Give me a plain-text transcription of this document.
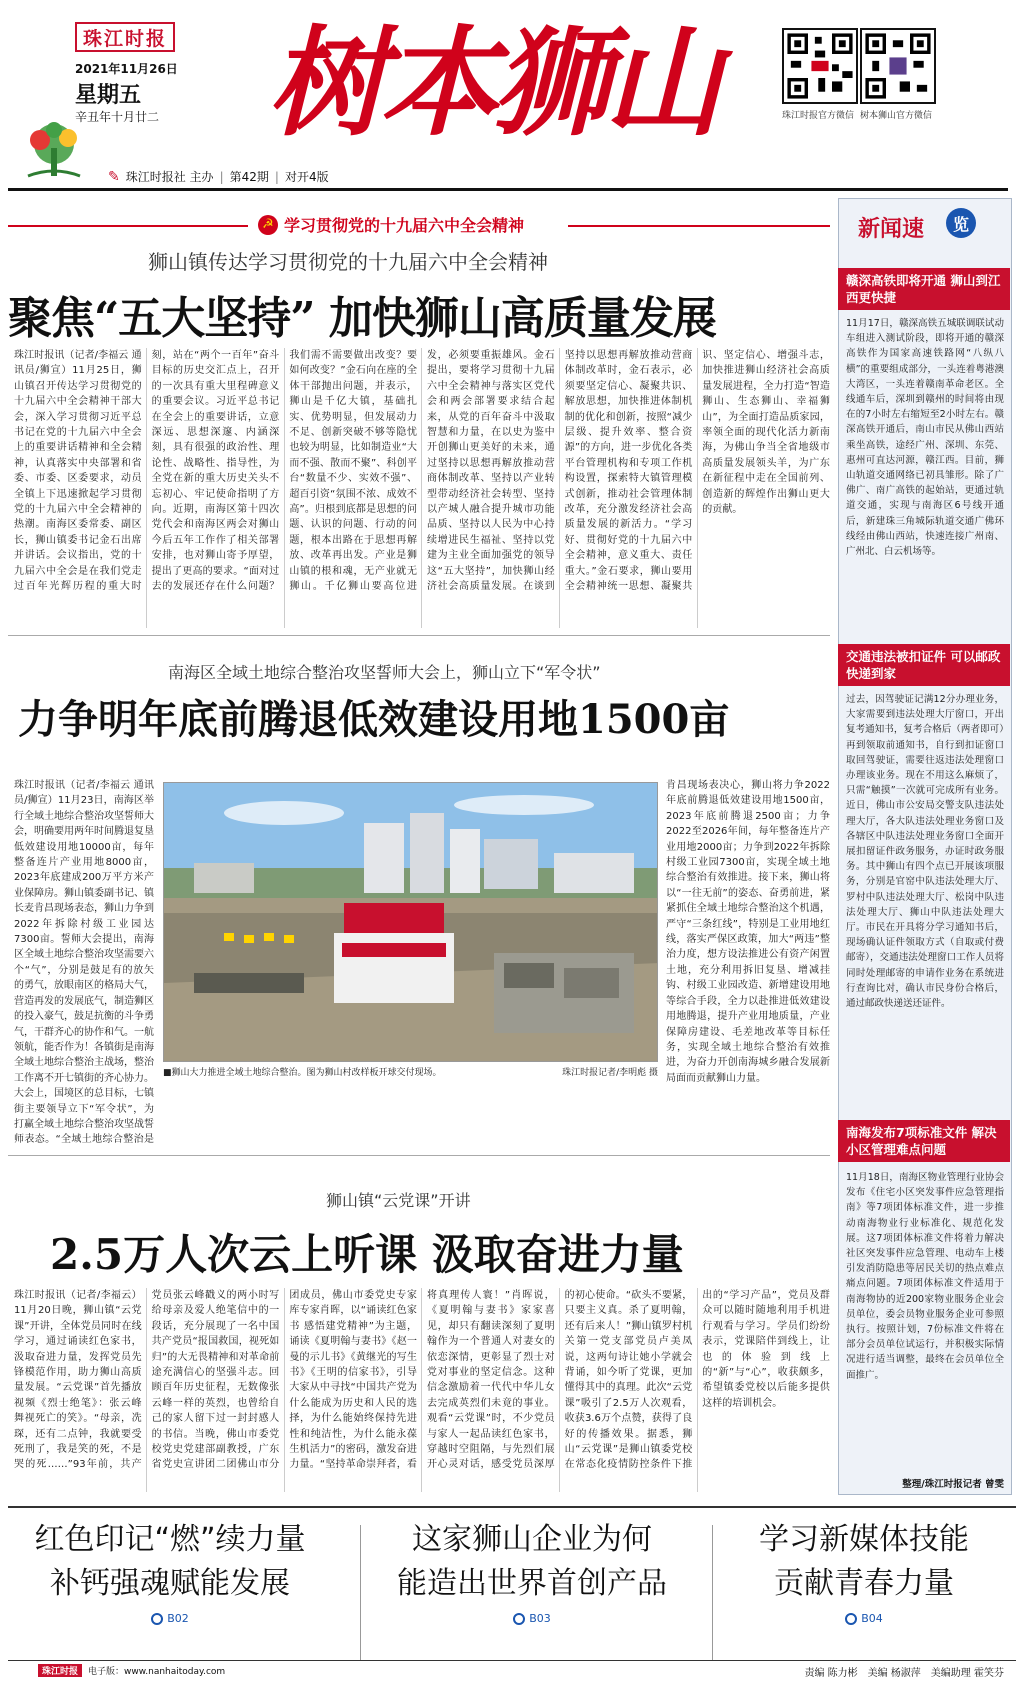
珠江时报
2021年11月26日
星期五
辛丑年十月廿二 树本狮山	珠江时报官方微信 树本狮山官方微信
✎ 珠江时报社 主办 | 第42期 | 对开4版
☭ 学习贯彻党的十九届六中全会精神
狮山镇传达学习贯彻党的十九届六中全会精神
聚焦“五大坚持” 加快狮山高质量发展
珠江时报讯（记者/李福云 通讯员/狮宣）11月25日，狮山镇召开传达学习贯彻党的十九届六中全会精神干部大会，深入学习贯彻习近平总书记在党的十九届六中全会上的重要讲话精神和全会精神，认真落实中央部署和省委、市委、区委要求，动员全镇上下迅速掀起学习贯彻党的十九届六中全会精神的热潮。南海区委常委、副区长，狮山镇委书记金石出席并讲话。会议指出，党的十九届六中全会是在我们党走过百年光辉历程的重大时刻，站在“两个一百年”奋斗目标的历史交汇点上，召开的一次具有重大里程碑意义的重要会议。习近平总书记在全会上的重要讲话，立意深远、思想深邃、内涵深刻，具有很强的政治性、理论性、战略性、指导性，为全党在新的重大历史关头不忘初心、牢记使命指明了方向。近期，南海区第十四次党代会和南海区两会对狮山今后五年工作作了相关部署安排，也对狮山寄予厚望，提出了更高的要求。“面对过去的发展还存在什么问题？我们需不需要做出改变？要如何改变？”金石向在座的全体干部抛出问题，并表示，狮山是千亿大镇，基础扎实、优势明显，但发展动力不足、创新突破不够等隐忧也较为明显，比如制造业“大而不强、散而不聚”、科创平台“数量不少、实效不强”、超百引资“氛围不浓、成效不高”。归根到底都是思想的问题、认识的问题、行动的问题，根本出路在于思想再解放、改革再出发。产业是狮山镇的根和魂，无产业就无狮山。千亿狮山要高位进发，必须要重振雄风。金石提出，要将学习贯彻十九届六中全会精神与落实区党代会和两会部署要求结合起来，从党的百年奋斗中汲取智慧和力量，在以史为鉴中开创狮山更美好的未来，通过坚持以思想再解放推动营商体制改革、坚持以产业转型带动经济社会转型、坚持以产城人融合提升城市功能品质、坚持以人民为中心持续增进民生福祉、坚持以党建为主业全面加强党的领导这“五大坚持”，加快狮山经济社会高质量发展。在谈到坚持以思想再解放推动营商体制改革时，金石表示，必须要坚定信心、凝聚共识、解放思想，加快推进体制机制的优化和创新，按照“减少层级、提升效率、整合资源”的方向，进一步优化各类平台管理机构和专项工作机构设置，探索特大镇管理模式创新，推动社会管理体制改革，充分激发经济社会高质量发展的新活力。“学习好、贯彻好党的十九届六中全会精神，意义重大、责任重大。”金石要求，狮山要用全会精神统一思想、凝聚共识、坚定信心、增强斗志，加快推进狮山经济社会高质量发展进程，全力打造“智造狮山、生态狮山、幸福狮山”，为全面打造品质家园，率领全面的现代化活力新南海，为佛山争当全省地级市高质量发展领头羊，为广东在新征程中走在全国前列、创造新的辉煌作出狮山更大的贡献。
南海区全域土地综合整治攻坚誓师大会上，狮山立下“军令状”
力争明年底前腾退低效建设用地1500亩
珠江时报讯（记者/李福云 通讯员/狮宣）11月23日，南海区举行全域土地综合整治攻坚誓师大会，明确要用两年时间腾退复垦低效建设用地10000亩，每年整备连片产业用地8000亩，2023年底建成200万平方米产业保障房。狮山镇委副书记、镇长麦肯昌现场表态，狮山力争到2022年拆除村级工业园达7300亩。誓师大会提出，南海区全域土地综合整治攻坚需要六个“气”，分别是鼓足有的放矢的勇气，放眼南区的格局大气，营造再发的发展底气，制造狮区的投入豪气，鼓足抗衡的斗争勇气，干群齐心的协作和气。一航领航，能否作为！各镇街是南海全域土地综合整治主战场，整治工作离不开七镇街的齐心协力。大会上，国境区的总目标，七镇街主要领导立下“军令状”，为打赢全域土地综合整治攻坚战誓师表态。“全域土地综合整治是
肯昌现场表决心，狮山将力争2022年底前腾退低效建设用地1500亩，2023年底前腾退2500亩；力争2022至2026年间，每年整备连片产业用地2000亩；力争到2022年拆除村级工业园7300亩，实现全域土地综合整治有效推进。接下来，狮山将以“一往无前”的姿态、奋勇前进，紧紧抓住全域土地综合整治这个机遇，严守“三条红线”，特别是工业用地红线，落实严保区政策，加大“两违”整治力度，想方设法推进公有资产闲置土地，充分利用拆旧复垦、增减挂钩、村级工业园改造、新增建设用地等综合手段，全力以赴推进低效建设用地腾退，提升产业用地质量，产业保障房建设、毛差地改革等目标任务，实现全域土地综合整治有效推进，为奋力开创南海城乡融合发展新局面而贡献狮山力量。
■狮山大力推进全域土地综合整治。图为狮山村改样板开球交付现场。	珠江时报记者/李明彪 摄
狮山镇“云党课”开讲
2.5万人次云上听课 汲取奋进力量
珠江时报讯（记者/李福云）11月20日晚，狮山镇“云党课”开讲，全体党员同时在线学习，通过诵读红色家书，汲取奋进力量，发挥党员先锋模范作用，助力狮山高质量发展。“云党课”首先播放视频《烈士绝笔》：张云峰 舞视死亡的笑》。“母亲，冼琛，还有二点钟，我就要受死刑了，我是笑的死，不是哭的死……”93年前，共产党员张云峰戳义的两小时写给母亲及爱人绝笔信中的一段话，充分展现了一名中国共产党员“报国救国，视死如归”的大无畏精神和对革命前途充满信心的坚强斗志。回顾百年历史征程，无数像张云峰一样的英烈，也曾给自己的家人留下过一封封感人的书信。当晚，佛山市委党校党史党建部副教授，广东省党史宣讲团二团佛山市分团成员，佛山市委党史专家库专家肖晖，以“诵读红色家书 感悟建党精神”为主题，诵读《夏明翰与妻书》《赵一曼的示儿书》《黄继光的写生书》《王明的信家书》，引导大家从中寻找“中国共产党为什么能成为历史和人民的选择，为什么能始终保持先进性和纯洁性，为什么能永葆生机活力”的密码，激发奋进力量。“坚持革命崇拜者，看将真理传人寰！”肖晖说，《夏明翰与妻书》家家喜见，却只有翻读深刻了夏明翰作为一个普通人对妻女的依恋深情，更彰显了烈士对党对事业的坚定信念。这种信念激励着一代代中华儿女去完成英烈们未竟的事业。观看“云党课”时，不少党员与家人一起品读红色家书，穿越时空阻隔，与先烈们展开心灵对话，感受党员深厚的初心使命。“砍头不要紧，只要主义真。杀了夏明翰，还有后来人！”狮山镇罗村机关第一党支部党员卢美凤说，这两句诗让她小学就会背诵，如今听了党课，更加懂得其中的真理。此次“云党课”吸引了2.5万人次观看，收获3.6万个点赞，获得了良好的传播效果。据悉，狮山“云党课”是狮山镇委党校在常态化疫情防控条件下推出的“学习产品”，党员及群众可以随时随地利用手机进行观看与学习。学员们纷纷表示，党课陪伴到线上，让也的体验到线上的“新”与“心”，收获颇多，希望镇委党校以后能多提供这样的培训机会。
新闻速	览
赣深高铁即将开通 狮山到江西更快捷
11月17日，赣深高铁五城联调联试动车组进入测试阶段，即将开通的赣深高铁作为国家高速铁路网“八纵八横”的重要组成部分，一头连着粤港澳大湾区，一头连着赣南革命老区。全线通车后，深圳到赣州的时间将由现在的7小时左右缩短至2小时左右。赣深高铁开通后，南山市民从佛山西站乘坐高铁，途经广州、深圳、东莞、惠州可直达河源，赣江西。目前，狮山轨道交通网络已初具雏形。除了广佛广、南广高铁的起始站，更通过轨道交通，实现与南海区6号线开通后，新建珠三角城际轨道交通广佛环线经由佛山西站，快速连接广州南、广州北、白云机场等。
交通违法被扣证件 可以邮政快递到家
过去，因驾驶证记满12分办理业务，大家需要到违法处理大厅窗口，开出复考通知书，复考合格后（两者即可）再到领取前通知书，自行到扣证窗口取回驾驶证，需要往返违法处理窗口办理该业务。现在不用这么麻烦了，只需“触摸”一次就可完成所有业务。近日，佛山市公安局交警支队违法处理大厅，各大队违法处理业务窗口及各辖区中队违法处理业务窗口全面开展扣留证件政务服务，办证时政务服务。其中狮山有四个点已开展该项服务，分别是官窑中队违法处理大厅、罗村中队违法处理大厅、松岗中队违法处理大厅、狮山中队违法处理大厅。市民在开具将分学习通知书后，现场确认证件领取方式（自取或付费邮寄），交通违法处理窗口工作人员将同时处理邮寄的申请作业务在系统进行查询比对，确认市民身份合格后，通过邮政快递送还证件。
南海发布7项标准文件 解决小区管理难点问题
11月18日，南海区物业管理行业协会发布《住宅小区突发事件应急管理指南》等7项团体标准文件，进一步推动南海物业行业标准化、规范化发展。这7项团体标准文件将着力解决社区突发事件应急管理、电动车上楼引发消防隐患等居民关切的热点难点痛点问题。7项团体标准文件适用于南海物协的近200家物业服务企业会员单位，委会员物业服务企业可参照执行。按照计划，7份标准文件将在部分会员单位试运行，并积极实际情况进行适当调整，最终在会员单位全面推广。
整理/珠江时报记者 曾雯
红色印记“燃”续力量
补钙强魂赋能发展
B02
这家狮山企业为何
能造出世界首创产品
B03
学习新媒体技能
贡献青春力量
B04
珠江时报	电子版：www.nanhaitoday.com	责编 陈力彬　美编 杨淑萍　美编助理 霍笑芬
